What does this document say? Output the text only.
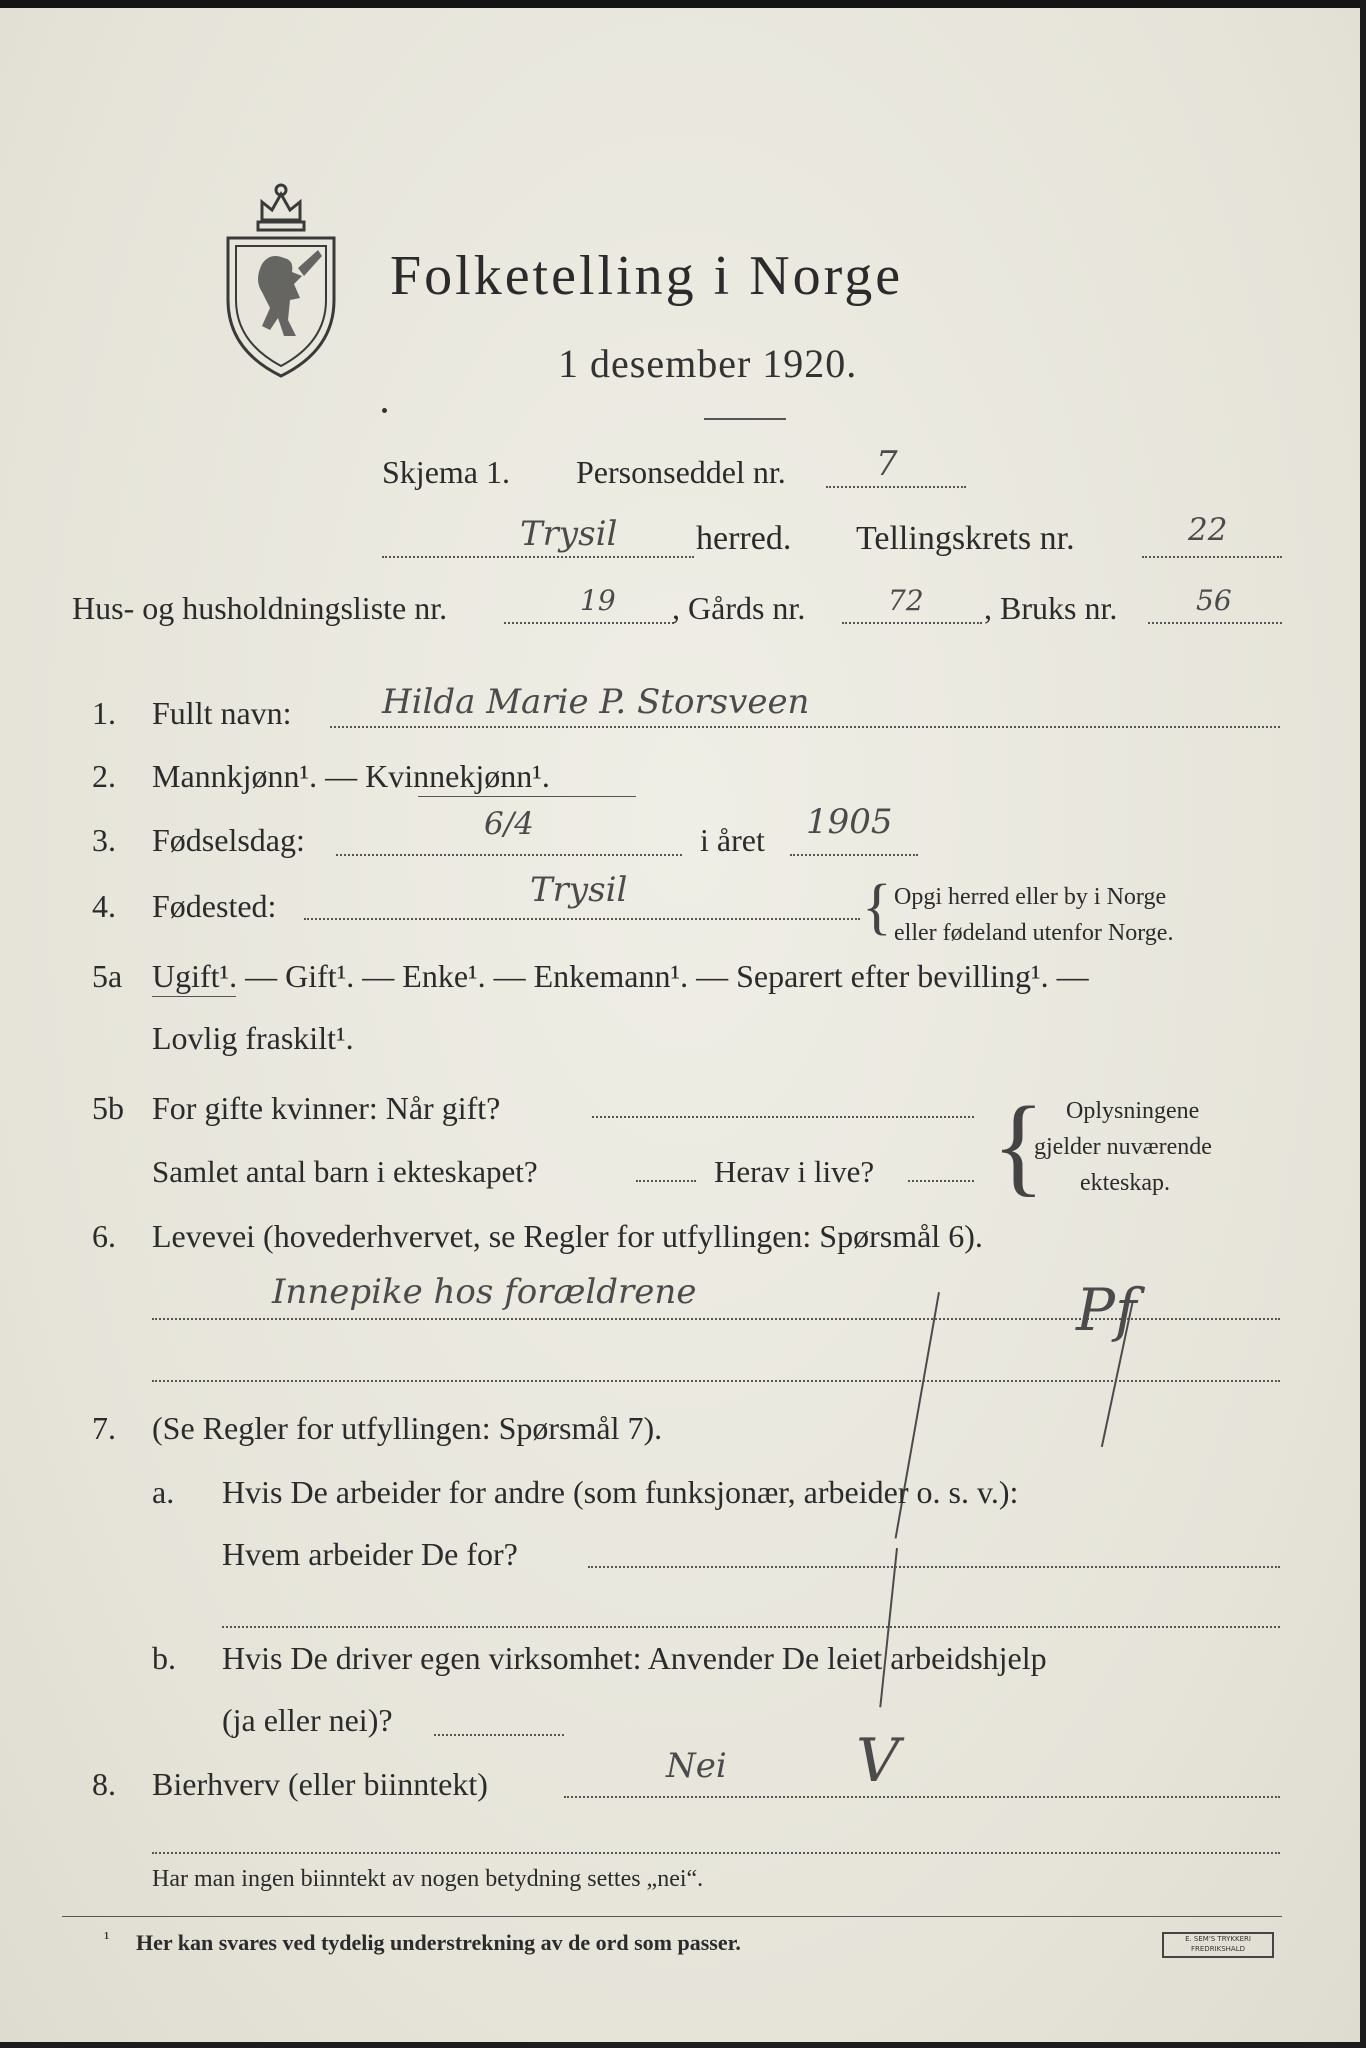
Folketelling i Norge
1 desember 1920.
Skjema 1. Personseddel nr.	7
Trysil herred. Tellingskrets nr.	22
Hus- og husholdningsliste nr.	19 , Gårds nr.	72 , Bruks nr.	56
1. Fullt navn:	Hilda Marie P. Storsveen
2. Mannkjønn¹. — Kvinnekjønn¹.
3. Fødselsdag:	6/4	i året 1905
4. Fødested:	Trysil	{ Opgi herred eller by i Norge
eller fødeland utenfor Norge.
5a Ugift¹. — Gift¹. — Enke¹. — Enkemann¹. — Separert efter bevilling¹. —
Lovlig fraskilt¹.
5b For gifte kvinner: Når gift?
Samlet antal barn i ekteskapet?	Herav i live? { Oplysningene
gjelder nuværende
ekteskap.
6. Levevei (hovederhvervet, se Regler for utfyllingen: Spørsmål 6).
Innepike hos forældrene	Pf
7. (Se Regler for utfyllingen: Spørsmål 7).
a. Hvis De arbeider for andre (som funksjonær, arbeider o. s. v.):
Hvem arbeider De for?
b. Hvis De driver egen virksomhet: Anvender De leiet arbeidshjelp
(ja eller nei)?
8. Bierhverv (eller biinntekt)	Nei V
Har man ingen biinntekt av nogen betydning settes „nei“.
¹ Her kan svares ved tydelig understrekning av de ord som passer.	E. SEM'S TRYKKERI FREDRIKSHALD
